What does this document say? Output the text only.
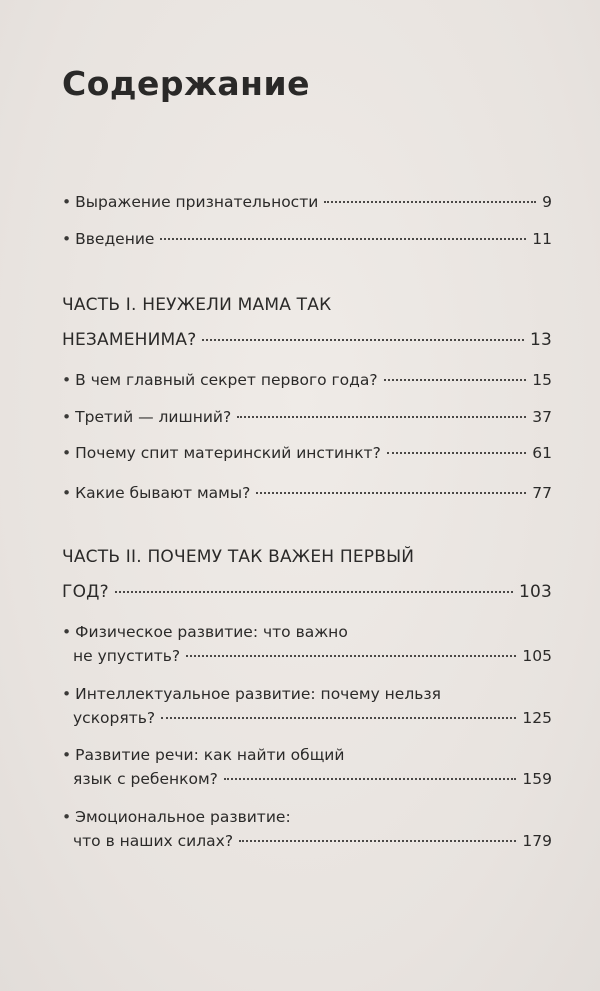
Содержание
• Выражение признательности	9
• Введение	11
ЧАСТЬ I. НЕУЖЕЛИ МАМА ТАК
НЕЗАМЕНИМА?	13
• В чем главный секрет первого года?	15
• Третий — лишний?	37
• Почему спит материнский инстинкт?	61
• Какие бывают мамы?	77
ЧАСТЬ II. ПОЧЕМУ ТАК ВАЖЕН ПЕРВЫЙ
ГОД?	103
• Физическое развитие: что важно
не упустить?	105
• Интеллектуальное развитие: почему нельзя
ускорять?	125
• Развитие речи: как найти общий
язык с ребенком?	159
• Эмоциональное развитие:
что в наших силах?	179
